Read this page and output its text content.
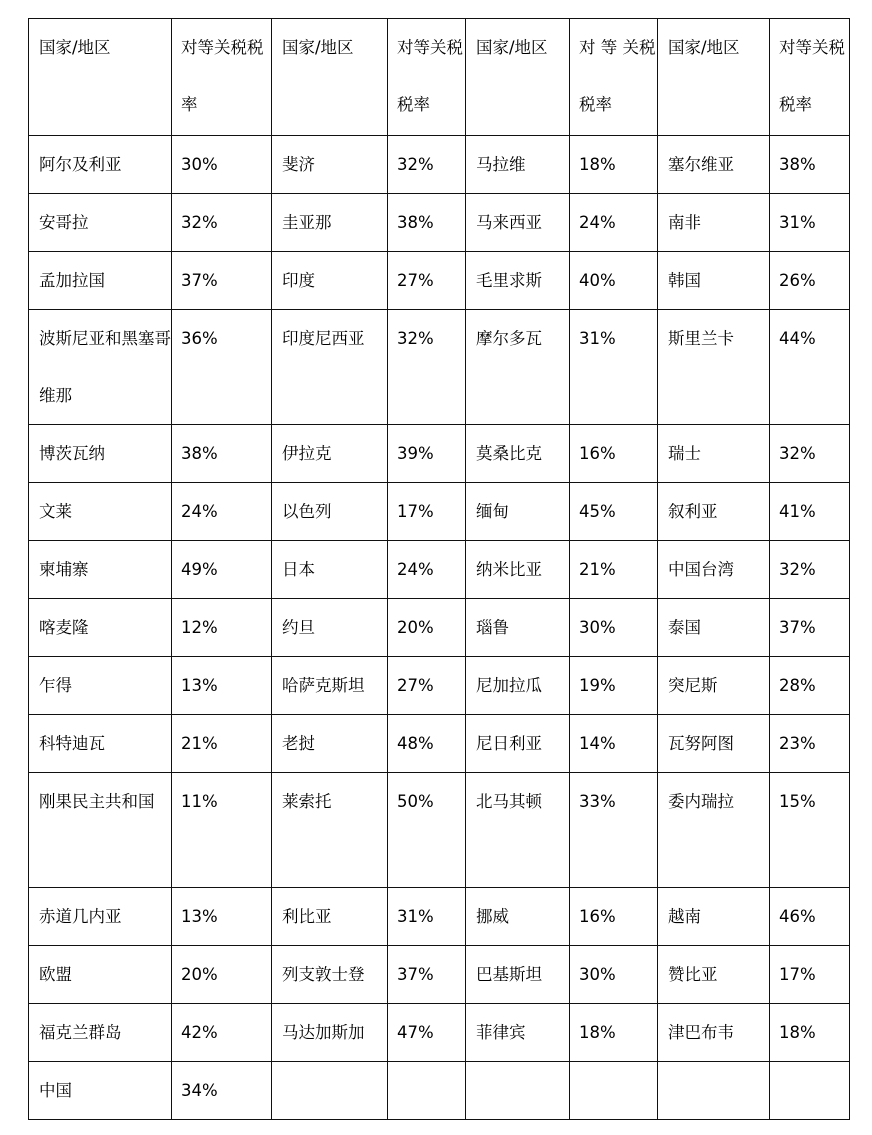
国家/地区	对等关税税率	国家/地区	对等关税税率	国家/地区	对 等 关税税率	国家/地区	对等关税税率

阿尔及利亚	30%	斐济	32%	马拉维	18%	塞尔维亚	38%

安哥拉	32%	圭亚那	38%	马来西亚	24%	南非	31%

孟加拉国	37%	印度	27%	毛里求斯	40%	韩国	26%

波斯尼亚和黑塞哥维那	36%	印度尼西亚	32%	摩尔多瓦	31%	斯里兰卡	44%

博茨瓦纳	38%	伊拉克	39%	莫桑比克	16%	瑞士	32%

文莱	24%	以色列	17%	缅甸	45%	叙利亚	41%

柬埔寨	49%	日本	24%	纳米比亚	21%	中国台湾	32%

喀麦隆	12%	约旦	20%	瑙鲁	30%	泰国	37%

乍得	13%	哈萨克斯坦	27%	尼加拉瓜	19%	突尼斯	28%

科特迪瓦	21%	老挝	48%	尼日利亚	14%	瓦努阿图	23%

刚果民主共和国	11%	莱索托	50%	北马其顿	33%	委内瑞拉	15%

赤道几内亚	13%	利比亚	31%	挪威	16%	越南	46%

欧盟	20%	列支敦士登	37%	巴基斯坦	30%	赞比亚	17%

福克兰群岛	42%	马达加斯加	47%	菲律宾	18%	津巴布韦	18%

中国	34%						
